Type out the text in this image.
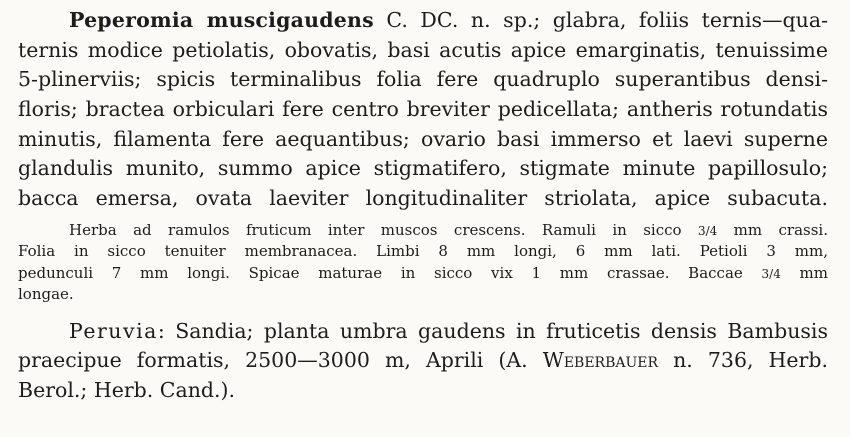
Peperomia muscigaudens C. DC. n. sp.; glabra, foliis ternis—qua-
ternis modice petiolatis, obovatis, basi acutis apice emarginatis, tenuissime
5-plinerviis; spicis terminalibus folia fere quadruplo superantibus densi-
floris; bractea orbiculari fere centro breviter pedicellata; antheris rotundatis
minutis, filamenta fere aequantibus; ovario basi immerso et laevi superne
glandulis munito, summo apice stigmatifero, stigmate minute papillosulo;
bacca emersa, ovata laeviter longitudinaliter striolata, apice subacuta.
Herba ad ramulos fruticum inter muscos crescens. Ramuli in sicco 3/4 mm crassi.
Folia in sicco tenuiter membranacea. Limbi 8 mm longi, 6 mm lati. Petioli 3 mm,
pedunculi 7 mm longi. Spicae maturae in sicco vix 1 mm crassae. Baccae 3/4 mm
longae.
Peruvia: Sandia; planta umbra gaudens in fruticetis densis Bambusis
praecipue formatis, 2500—3000 m, Aprili (A. Weberbauer n. 736, Herb.
Berol.; Herb. Cand.).
